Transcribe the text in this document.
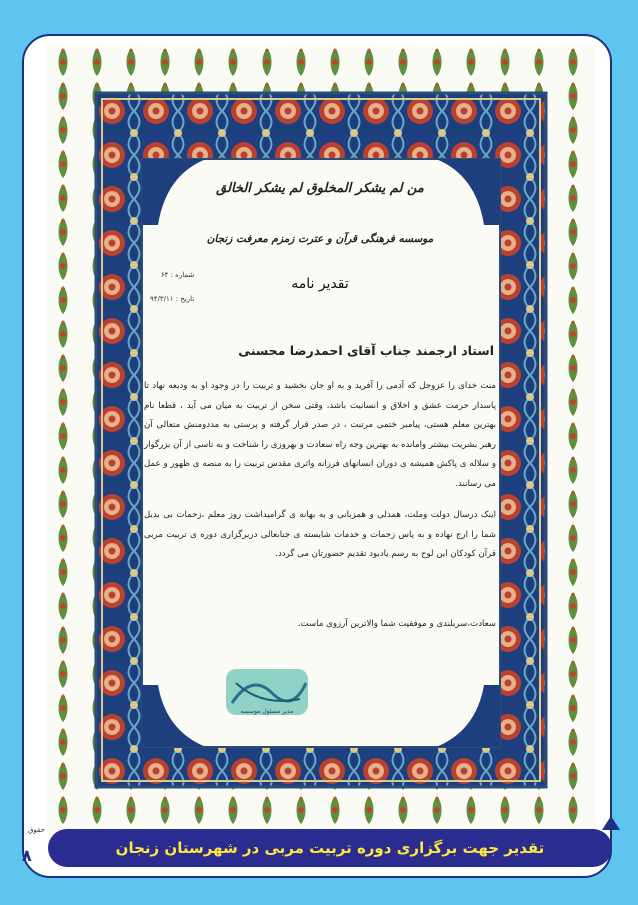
من لم یشکر المخلوق لم یشکر الخالق
موسسه فرهنگی قرآن و عترت زمزم معرفت زنجان
شماره : ۶۴
تاریخ : ۹۴/۳/۱۱
تقدیر نامه
استاد ارجمند جناب آقای احمدرضا محسنی
منت خدای را عزوجل که آدمی را آفرید و به او جان بخشید و تربیت را در وجود او به ودیعه نهاد تا پاسدار حرمت عشق و اخلاق و انسانیت باشد، وقتی سخن از تربیت به میان می آید ، قطعا نام بهترین معلم هستی، پیامبر ختمی مرتبت ، در صدر قرار گرفته و پرستی به مددومنش متعالی آن رهبر بشریت بیشتر وامانده به بهترین وجه راه سعادت و بهروزی را شناخت و به تاسی از آن بزرگوار و سلاله ی پاکش همیشه ی دوران انسانهای فرزانه واثری مقدس تربیت را به منصه ی ظهور و عمل می رسانند.
اینک درسال دولت وملت، همدلی و همزبانی و به بهانه ی گرامیداشت روز معلم ،زحمات بی بدیل شما را ارج نهاده و به پاس زحمات و خدمات شایسته ی جنابعالی دربرگزاری دوره ی تربیت مربی قرآن کودکان این لوح به رسم یادبود تقدیم حضورتان می گردد.
سعادت،سربلندی و موفقیت شما والاترین آرزوی ماست.
مدیر مسئول موسسه
حقوق
تقدیر جهت برگزاری دوره تربیت مربی در شهرستان زنجان
۸
